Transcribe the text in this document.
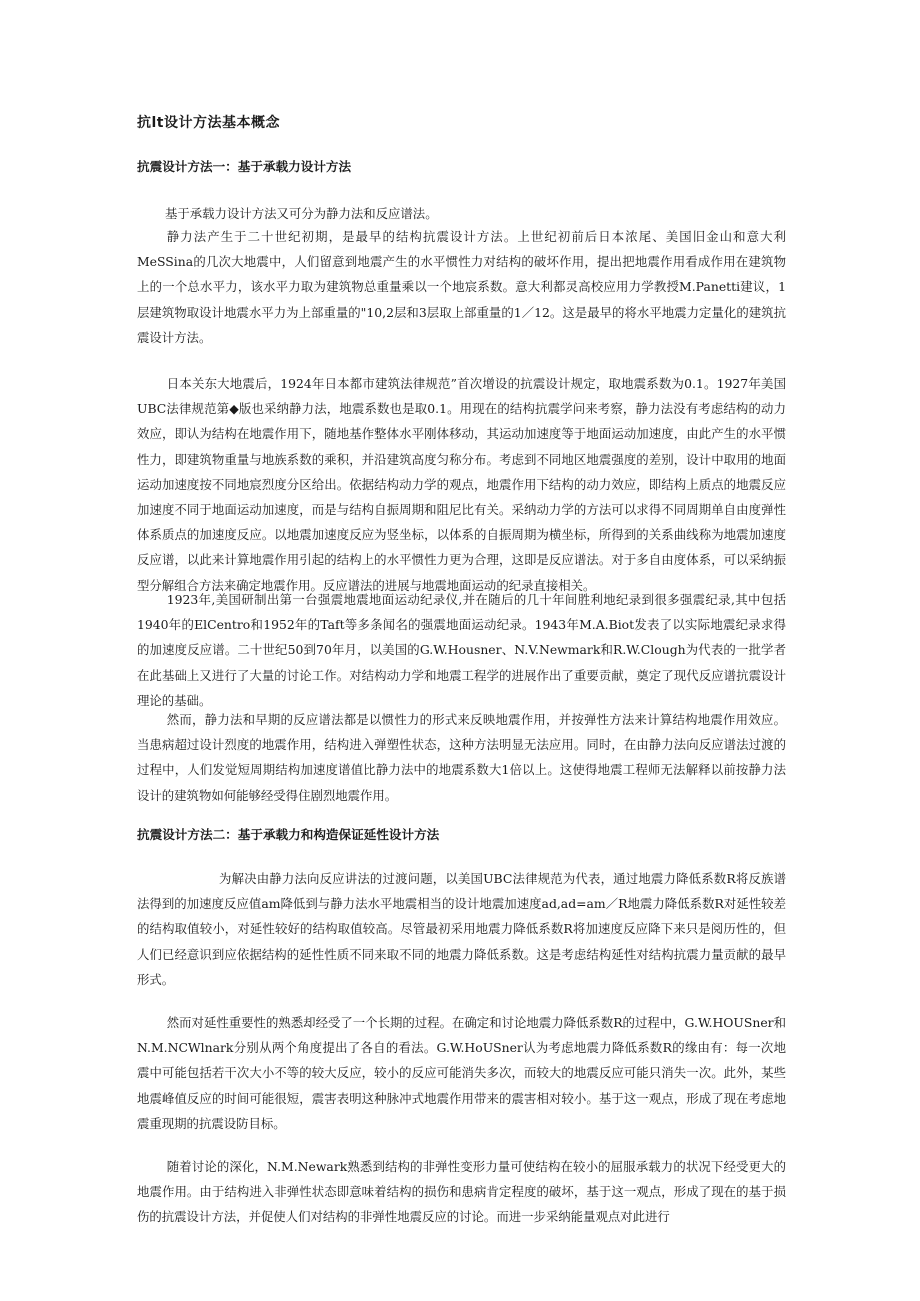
抗lt设计方法基本概念
抗震设计方法一：基于承载力设计方法

基于承载力设计方法又可分为静力法和反应谱法。

静力法产生于二十世纪初期，是最早的结构抗震设计方法。上世纪初前后日本浓尾、美国旧金山和意大利MeSSina的几次大地震中，人们留意到地震产生的水平惯性力对结构的破坏作用，提出把地震作用看成作用在建筑物上的一个总水平力，该水平力取为建筑物总重量乘以一个地宸系数。意大利都灵高校应用力学教授M.Panetti建议，1层建筑物取设计地震水平力为上部重量的"10,2层和3层取上部重量的1／12。这是最早的将水平地震力定量化的建筑抗震设计方法。

日本关东大地震后，1924年日本都市建筑法律规范”首次增设的抗震设计规定，取地震系数为0.1。1927年美国UBC法律规范第◆版也采纳静力法，地震系数也是取0.1。用现在的结构抗震学问来考察，静力法没有考虑结构的动力效应，即认为结构在地震作用下，随地基作整体水平刚体移动，其运动加速度等于地面运动加速度，由此产生的水平惯性力，即建筑物重量与地族系数的乘积，并沿建筑高度匀称分布。考虑到不同地区地震强度的差别，设计中取用的地面运动加速度按不同地宸烈度分区给出。依据结构动力学的观点，地震作用下结构的动力效应，即结构上质点的地震反应加速度不同于地面运动加速度，而是与结构自振周期和阻尼比有关。采纳动力学的方法可以求得不同周期单自由度弹性体系质点的加速度反应。以地震加速度反应为竖坐标，以体系的自振周期为横坐标，所得到的关系曲线称为地震加速度反应谱，以此来计算地震作用引起的结构上的水平惯性力更为合理，这即是反应谱法。对于多自由度体系，可以采纳振型分解组合方法来确定地震作用。反应谱法的进展与地震地面运动的纪录直接相关。

1923年,美国研制出第一台强震地震地面运动纪录仪,并在随后的几十年间胜利地纪录到很多强震纪录,其中包括1940年的ElCentro和1952年的Taft等多条闻名的强震地面运动纪录。1943年M.A.Biot发表了以实际地震纪录求得的加速度反应谱。二十世纪50到70年月，以美国的G.W.Housner、N.V.Newmark和R.W.Clough为代表的一批学者在此基础上又进行了大量的讨论工作。对结构动力学和地震工程学的进展作出了重要贡献，奠定了现代反应谱抗震设计理论的基础。

然而，静力法和早期的反应谱法都是以惯性力的形式来反映地震作用，并按弹性方法来计算结构地震作用效应。当患病超过设计烈度的地震作用，结构进入弹塑性状态，这种方法明显无法应用。同时，在由静力法向反应谱法过渡的过程中，人们发觉短周期结构加速度谱值比静力法中的地震系数大1倍以上。这使得地震工程师无法解释以前按静力法设计的建筑物如何能够经受得住剧烈地震作用。

抗震设计方法二：基于承载力和构造保证延性设计方法

为解决由静力法向反应讲法的过渡问题，以美国UBC法律规范为代表，通过地震力降低系数R将反族谱法得到的加速度反应值am降低到与静力法水平地震相当的设计地震加速度ad,ad=am／R地震力降低系数R对延性较差的结构取值较小，对延性较好的结构取值较高。尽管最初采用地震力降低系数R将加速度反应降下来只是阅历性的，但人们已经意识到应依据结构的延性性质不同来取不同的地震力降低系数。这是考虑结构延性对结构抗震力量贡献的最早形式。

然而对延性重要性的熟悉却经受了一个长期的过程。在确定和讨论地震力降低系数R的过程中，G.W.HOUSner和N.M.NCWlnark分别从两个角度提出了各自的看法。G.W.HoUSner认为考虑地震力降低系数R的缘由有：每一次地震中可能包括若干次大小不等的较大反应，较小的反应可能消失多次，而较大的地震反应可能只消失一次。此外，某些地震峰值反应的时间可能很短，震害表明这种脉冲式地震作用带来的震害相对较小。基于这一观点，形成了现在考虑地震重现期的抗震设防目标。

随着讨论的深化，N.M.Newark熟悉到结构的非弹性变形力量可使结构在较小的屈服承载力的状况下经受更大的地震作用。由于结构进入非弹性状态即意味着结构的损伤和患病肯定程度的破坏，基于这一观点，形成了现在的基于损伤的抗震设计方法，并促使人们对结构的非弹性地震反应的讨论。而进一步采纳能量观点对此进行
